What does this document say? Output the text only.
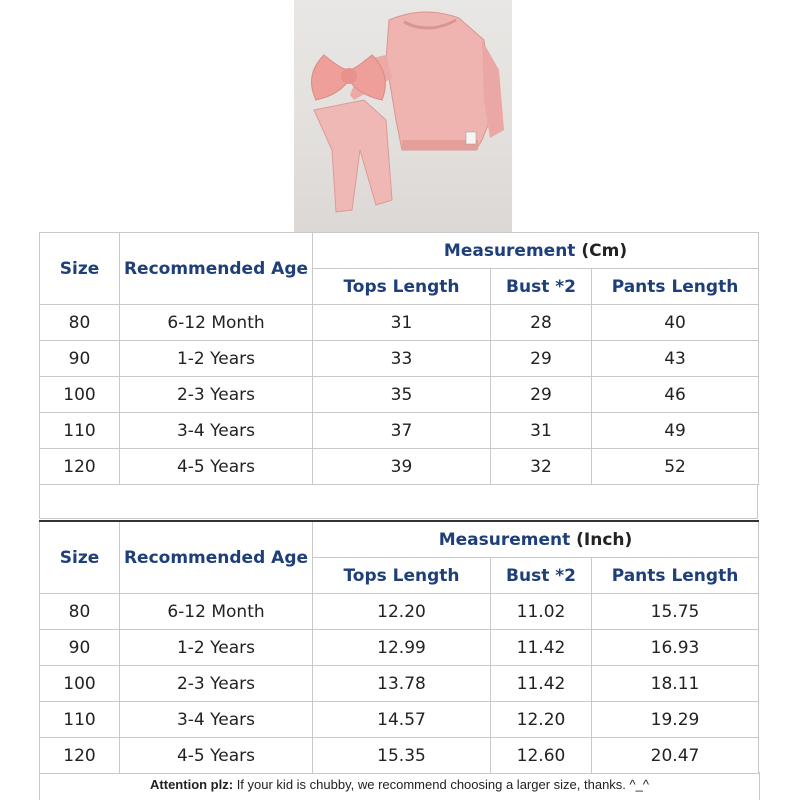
Size	Recommended Age	Measurement (Cm)		
		Tops Length	Bust *2	Pants Length
80	6-12 Month	31	28	40
90	1-2 Years	33	29	43
100	2-3 Years	35	29	46
110	3-4 Years	37	31	49
120	4-5 Years	39	32	52
Size	Recommended Age	Measurement (Inch)		
		Tops Length	Bust *2	Pants Length
80	6-12 Month	12.20	11.02	15.75
90	1-2 Years	12.99	11.42	16.93
100	2-3 Years	13.78	11.42	18.11
110	3-4 Years	14.57	12.20	19.29
120	4-5 Years	15.35	12.60	20.47
Attention plz: If your kid is chubby, we recommend choosing a larger size, thanks. ^_^
